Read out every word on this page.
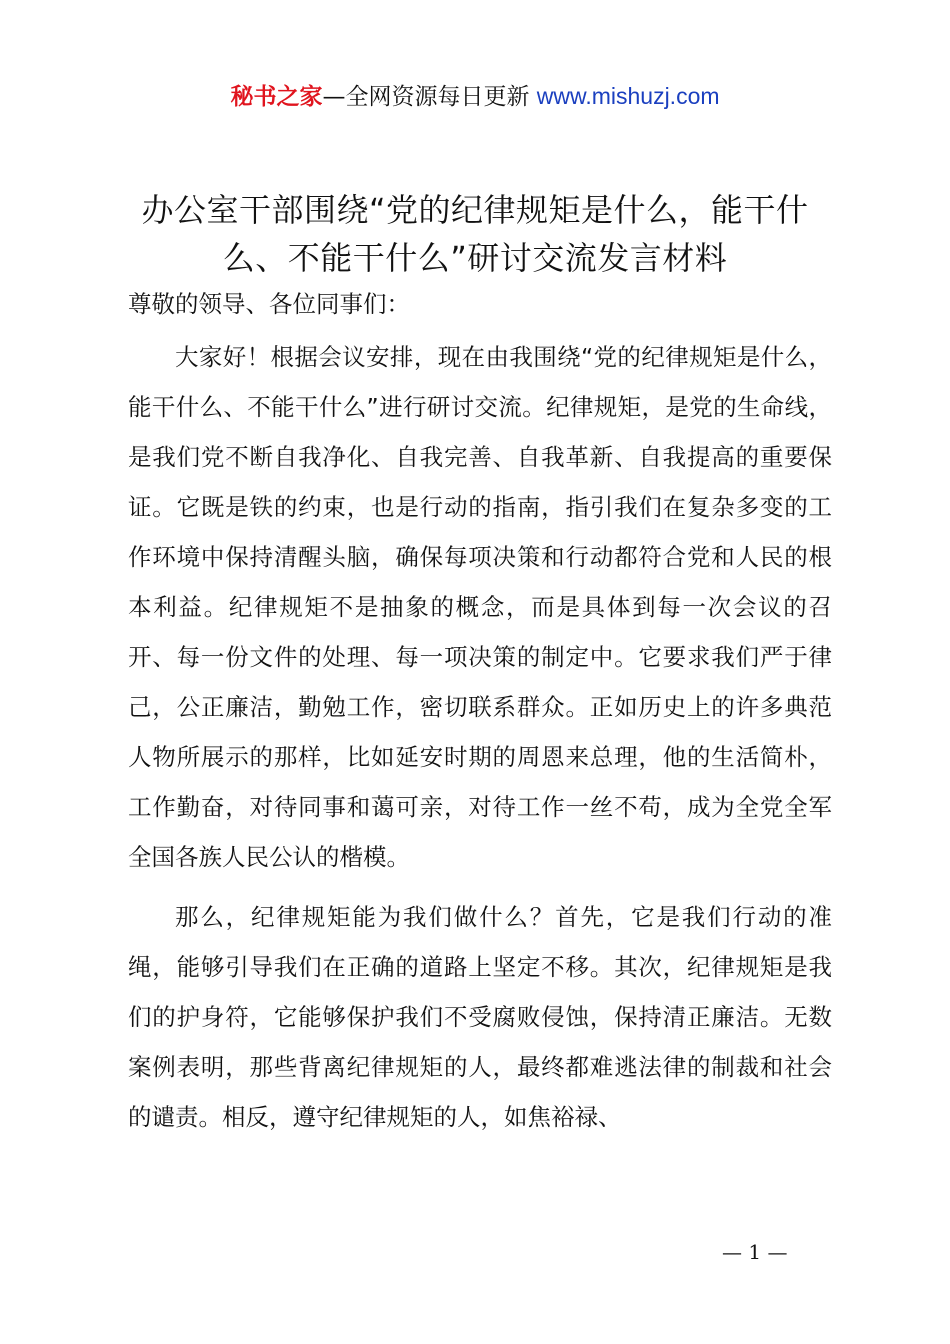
秘书之家—全网资源每日更新 www.mishuzj.com
办公室干部围绕“党的纪律规矩是什么，能干什么、不能干什么”研讨交流发言材料

尊敬的领导、各位同事们：

大家好！根据会议安排，现在由我围绕“党的纪律规矩是什么，能干什么、不能干什么”进行研讨交流。纪律规矩，是党的生命线，是我们党不断自我净化、自我完善、自我革新、自我提高的重要保证。它既是铁的约束，也是行动的指南，指引我们在复杂多变的工作环境中保持清醒头脑，确保每项决策和行动都符合党和人民的根本利益。纪律规矩不是抽象的概念，而是具体到每一次会议的召开、每一份文件的处理、每一项决策的制定中。它要求我们严于律己，公正廉洁，勤勉工作，密切联系群众。正如历史上的许多典范人物所展示的那样，比如延安时期的周恩来总理，他的生活简朴，工作勤奋，对待同事和蔼可亲，对待工作一丝不苟，成为全党全军全国各族人民公认的楷模。

那么，纪律规矩能为我们做什么？首先，它是我们行动的准绳，能够引导我们在正确的道路上坚定不移。其次，纪律规矩是我们的护身符，它能够保护我们不受腐败侵蚀，保持清正廉洁。无数案例表明，那些背离纪律规矩的人，最终都难逃法律的制裁和社会的谴责。相反，遵守纪律规矩的人，如焦裕禄、

— 1 —
